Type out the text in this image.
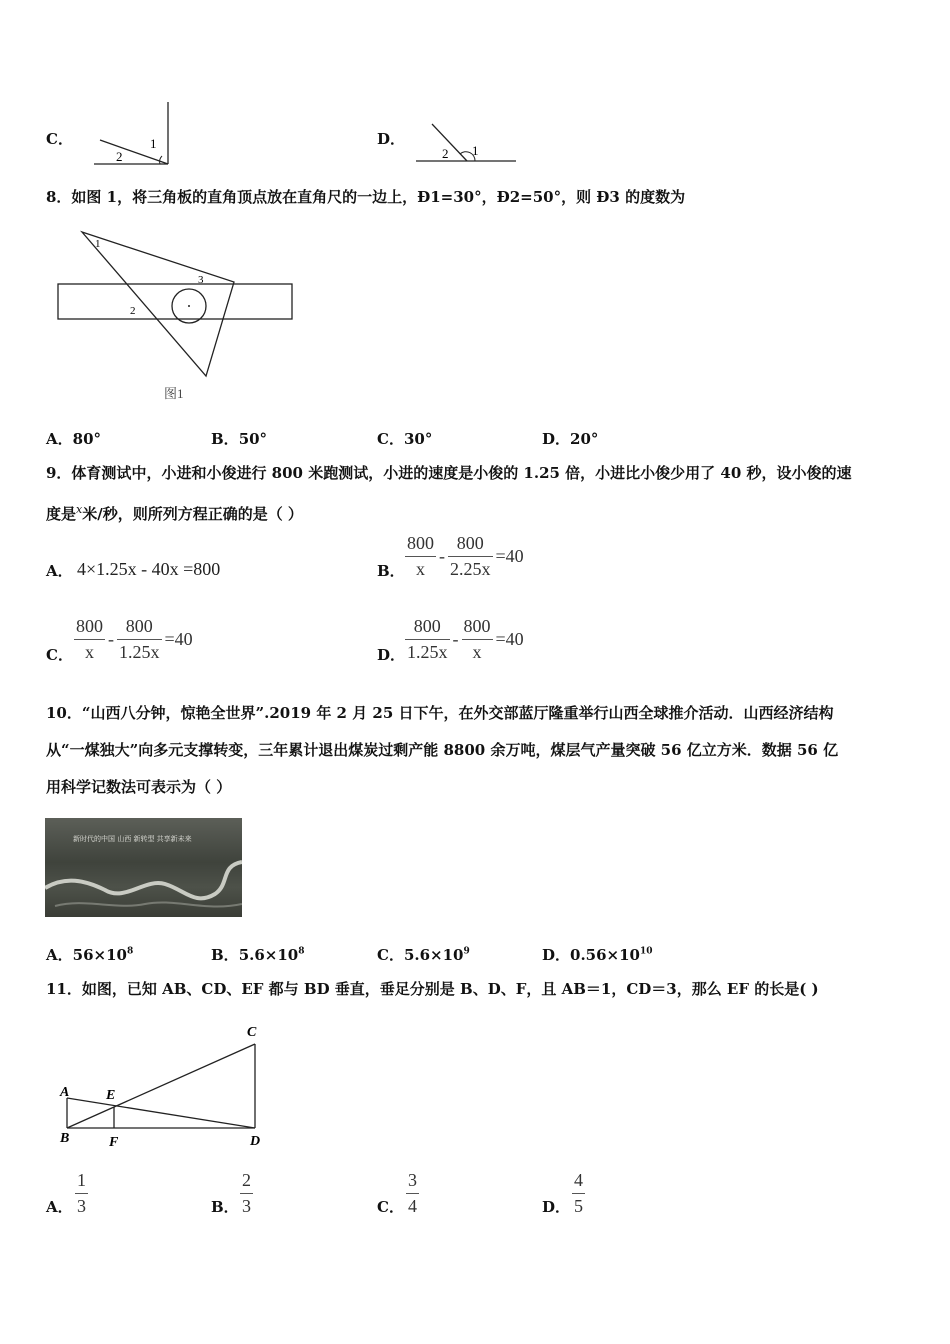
C．	1
2
D．
1
2
8．如图 1，将三角板的直角顶点放在直角尺的一边上，Ð1=30°，Ð2=50°，则 Ð3 的度数为
1
2
3
图1
A．80°	B．50°	C．30°	D．20°
9．体育测试中，小进和小俊进行 800 米跑测试，小进的速度是小俊的 1.25 倍，小进比小俊少用了 40 秒，设小俊的速
度是$^x$米/秒，则所列方程正确的是（ ）
A． 4×1.25x - 40x =800	B． $\frac{800}{x} - \frac{800}{2.25x} =40$
C． $\frac{800}{x} - \frac{800}{1.25x} =40$
D． $\frac{800}{1.25x} - \frac{800}{x} =40$
10．“山西八分钟，惊艳全世界”.2019 年 2 月 25 日下午，在外交部蓝厅隆重举行山西全球推介活动．山西经济结构
从“一煤独大”向多元支撑转变，三年累计退出煤炭过剩产能 8800 余万吨，煤层气产量突破 56 亿立方米．数据 56 亿
用科学记数法可表示为（ ）
新时代的中国 山西 新转型 共享新未来
A．$56\times 10^8$	B．$5.6\times 10^8$	C．$5.6\times 10^9$	D．$0.56\times 10^{10}$
11．如图，已知 AB、CD、EF 都与 BD 垂直，垂足分别是 B、D、F，且 AB＝1，CD＝3，那么 EF 的长是( )
C
A	E
B	F	D
A． $\frac{1}{3}$	B． $\frac{2}{3}$	C． $\frac{3}{4}$	D． $\frac{4}{5}$
